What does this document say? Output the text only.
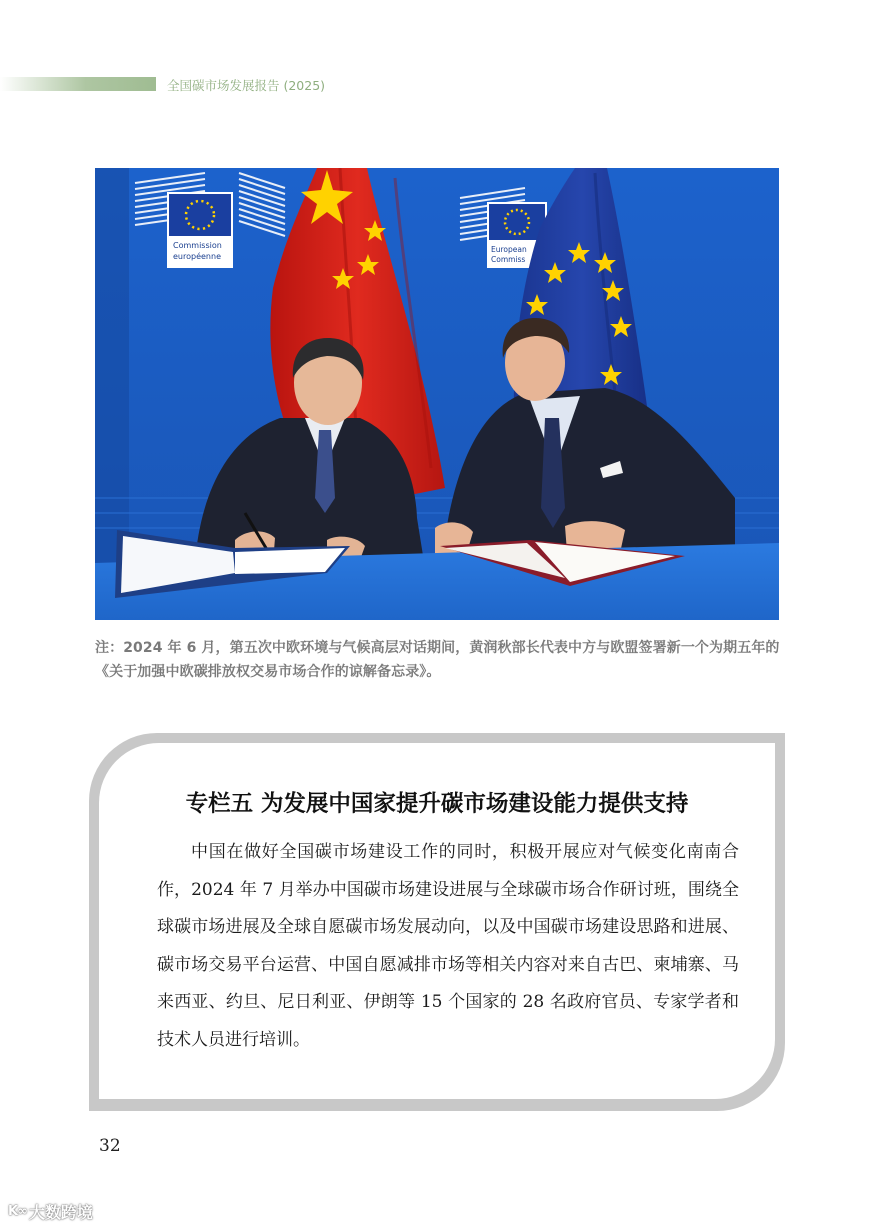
全国碳市场发展报告 (2025)
Commission
européenne
European
Commiss
注：2024 年 6 月，第五次中欧环境与气候高层对话期间，黄润秋部长代表中方与欧盟签署新一个为期五年的《关于加强中欧碳排放权交易市场合作的谅解备忘录》。
专栏五 为发展中国家提升碳市场建设能力提供支持
中国在做好全国碳市场建设工作的同时，积极开展应对气候变化南南合作，2024 年 7 月举办中国碳市场建设进展与全球碳市场合作研讨班，围绕全球碳市场进展及全球自愿碳市场发展动向，以及中国碳市场建设思路和进展、碳市场交易平台运营、中国自愿减排市场等相关内容对来自古巴、柬埔寨、马来西亚、约旦、尼日利亚、伊朗等 15 个国家的 28 名政府官员、专家学者和技术人员进行培训。
32
K∞ 大数跨境
